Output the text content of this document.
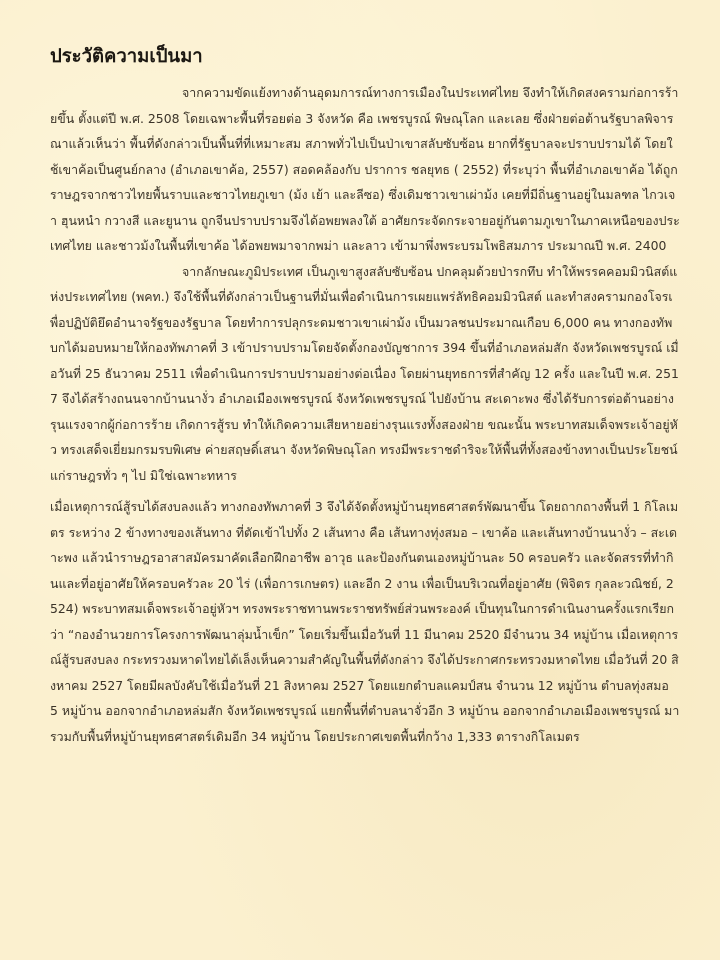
ประวัติความเป็นมา

จากความขัดแย้งทางด้านอุดมการณ์ทางการเมืองในประเทศไทย จึงทำให้เกิดสงครามก่อการร้ายขึ้น ตั้งแต่ปี พ.ศ. 2508 โดยเฉพาะพื้นที่รอยต่อ 3 จังหวัด คือ เพชรบูรณ์ พิษณุโลก และเลย ซึ่งฝ่ายต่อต้านรัฐบาลพิจารณาแล้วเห็นว่า พื้นที่ดังกล่าวเป็นพื้นที่ที่เหมาะสม สภาพทั่วไปเป็นป่าเขาสลับซับซ้อน ยากที่รัฐบาลจะปราบปรามได้ โดยใช้เขาค้อเป็นศูนย์กลาง (อำเภอเขาค้อ, 2557) สอดคล้องกับ ปราการ ชลยุทธ ( 2552) ที่ระบุว่า พื้นที่อำเภอเขาค้อ ได้ถูกราษฎรจากชาวไทยพื้นราบและชาวไทยภูเขา (ม้ง เย้า และลีซอ) ซึ่งเดิมชาวเขาเผ่าม้ง เคยที่มีถิ่นฐานอยู่ในมลฑล ไกวเจา ฮุนหนำ กวางสี และยูนาน ถูกจีนปราบปรามจึงได้อพยพลงใต้ อาศัยกระจัดกระจายอยู่กันตามภูเขาในภาคเหนือของประเทศไทย และชาวม้งในพื้นที่เขาค้อ ได้อพยพมาจากพม่า และลาว เข้ามาพึ่งพระบรมโพธิสมภาร ประมาณปี พ.ศ. 2400

จากลักษณะภูมิประเทศ เป็นภูเขาสูงสลับซับซ้อน ปกคลุมด้วยป่ารกทึบ ทำให้พรรคคอมมิวนิสต์แห่งประเทศไทย (พคท.) จึงใช้พื้นที่ดังกล่าวเป็นฐานที่มั่นเพื่อดำเนินการเผยแพร่ลัทธิคอมมิวนิสต์ และทำสงครามกองโจรเพื่อปฏิบัติยึดอำนาจรัฐของรัฐบาล โดยทำการปลุกระดมชาวเขาเผ่าม้ง เป็นมวลชนประมาณเกือบ 6,000 คน ทางกองทัพบกได้มอบหมายให้กองทัพภาคที่ 3 เข้าปราบปรามโดยจัดตั้งกองบัญชาการ 394 ขึ้นที่อำเภอหล่มสัก จังหวัดเพชรบูรณ์ เมื่อวันที่ 25 ธันวาคม 2511 เพื่อดำเนินการปราบปรามอย่างต่อเนื่อง โดยผ่านยุทธการที่สำคัญ 12 ครั้ง และในปี พ.ศ. 2517 จึงได้สร้างถนนจากบ้านนางั่ว อำเภอเมืองเพชรบูรณ์ จังหวัดเพชรบูรณ์ ไปยังบ้าน สะเดาะพง ซึ่งได้รับการต่อต้านอย่างรุนแรงจากผู้ก่อการร้าย เกิดการสู้รบ ทำให้เกิดความเสียหายอย่างรุนแรงทั้งสองฝ่าย ขณะนั้น พระบาทสมเด็จพระเจ้าอยู่หัว ทรงเสด็จเยี่ยมกรมรบพิเศษ ค่ายสฤษดิ์เสนา จังหวัดพิษณุโลก ทรงมีพระราชดำริจะให้พื้นที่ทั้งสองข้างทางเป็นประโยชน์แก่ราษฎรทั่ว ๆ ไป มิใช่เฉพาะทหาร

เมื่อเหตุการณ์สู้รบได้สงบลงแล้ว ทางกองทัพภาคที่ 3 จึงได้จัดตั้งหมู่บ้านยุทธศาสตร์พัฒนาขึ้น โดยถากถางพื้นที่ 1 กิโลเมตร ระหว่าง 2 ข้างทางของเส้นทาง ที่ตัดเข้าไปทั้ง 2 เส้นทาง คือ เส้นทางทุ่งสมอ – เขาค้อ และเส้นทางบ้านนางั่ว – สะเดาะพง แล้วนำราษฎรอาสาสมัครมาคัดเลือกฝึกอาชีพ อาวุธ และป้องกันตนเองหมู่บ้านละ 50 ครอบครัว และจัดสรรที่ทำกินและที่อยู่อาศัยให้ครอบครัวละ 20 ไร่ (เพื่อการเกษตร) และอีก 2 งาน เพื่อเป็นบริเวณที่อยู่อาศัย (พิจิตร กุลละวณิชย์, 2524) พระบาทสมเด็จพระเจ้าอยู่หัวฯ ทรงพระราชทานพระราชทรัพย์ส่วนพระองค์ เป็นทุนในการดำเนินงานครั้งแรกเรียกว่า “กองอำนวยการโครงการพัฒนาลุ่มน้ำเข็ก” โดยเริ่มขึ้นเมื่อวันที่ 11 มีนาคม 2520 มีจำนวน 34 หมู่บ้าน เมื่อเหตุการณ์สู้รบสงบลง กระทรวงมหาดไทยได้เล็งเห็นความสำคัญในพื้นที่ดังกล่าว จึงได้ประกาศกระทรวงมหาดไทย เมื่อวันที่ 20 สิงหาคม 2527 โดยมีผลบังคับใช้เมื่อวันที่ 21 สิงหาคม 2527 โดยแยกตำบลแคมป์สน จำนวน 12 หมู่บ้าน ตำบลทุ่งสมอ 5 หมู่บ้าน ออกจากอำเภอหล่มสัก จังหวัดเพชรบูรณ์ แยกพื้นที่ตำบลนาจั่วอีก 3 หมู่บ้าน ออกจากอำเภอเมืองเพชรบูรณ์ มารวมกับพื้นที่หมู่บ้านยุทธศาสตร์เดิมอีก 34 หมู่บ้าน โดยประกาศเขตพื้นที่กว้าง 1,333 ตารางกิโลเมตร
